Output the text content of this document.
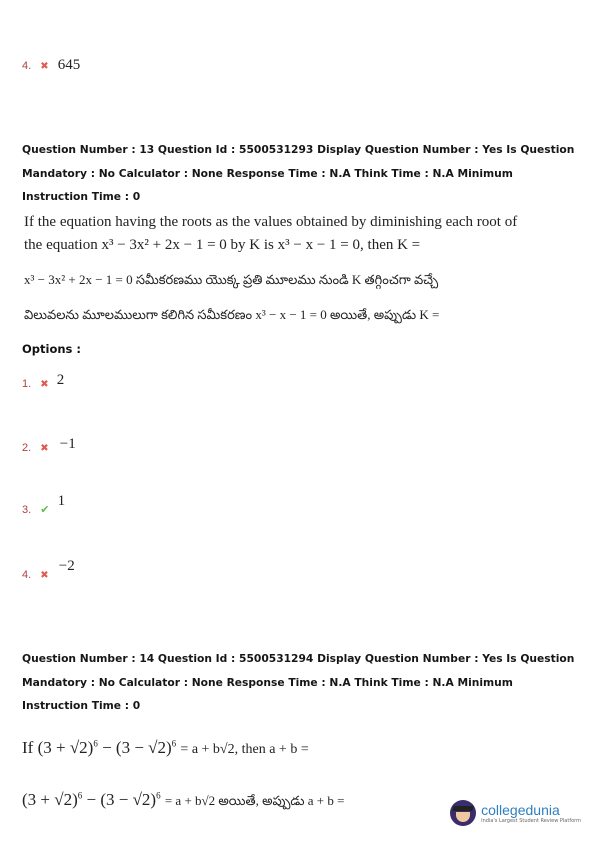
4. ✖ 645
Question Number : 13 Question Id : 5500531293 Display Question Number : Yes Is Question Mandatory : No Calculator : None Response Time : N.A Think Time : N.A Minimum Instruction Time : 0
If the equation having the roots as the values obtained by diminishing each root of
the equation x³ − 3x² + 2x − 1 = 0 by K is x³ − x − 1 = 0, then K =
x³ − 3x² + 2x − 1 = 0 సమీకరణము యొక్క ప్రతి మూలము నుండి K తగ్గించగా వచ్చే
విలువలను మూలములుగా కలిగిన సమీకరణం x³ − x − 1 = 0 అయితే, అప్పుడు K =
Options :
1. ✖ 2
2. ✖ −1
3. ✔ 1
4. ✖ −2
Question Number : 14 Question Id : 5500531294 Display Question Number : Yes Is Question Mandatory : No Calculator : None Response Time : N.A Think Time : N.A Minimum Instruction Time : 0
If $(3 + √2)^6 - (3 - √2)^6 = a + b√2$, then a + b =
$(3 + √2)^6 - (3 - √2)^6 = a + b√2$ అయితే, అప్పుడు a + b =
collegedunia
India's Largest Student Review Platform
